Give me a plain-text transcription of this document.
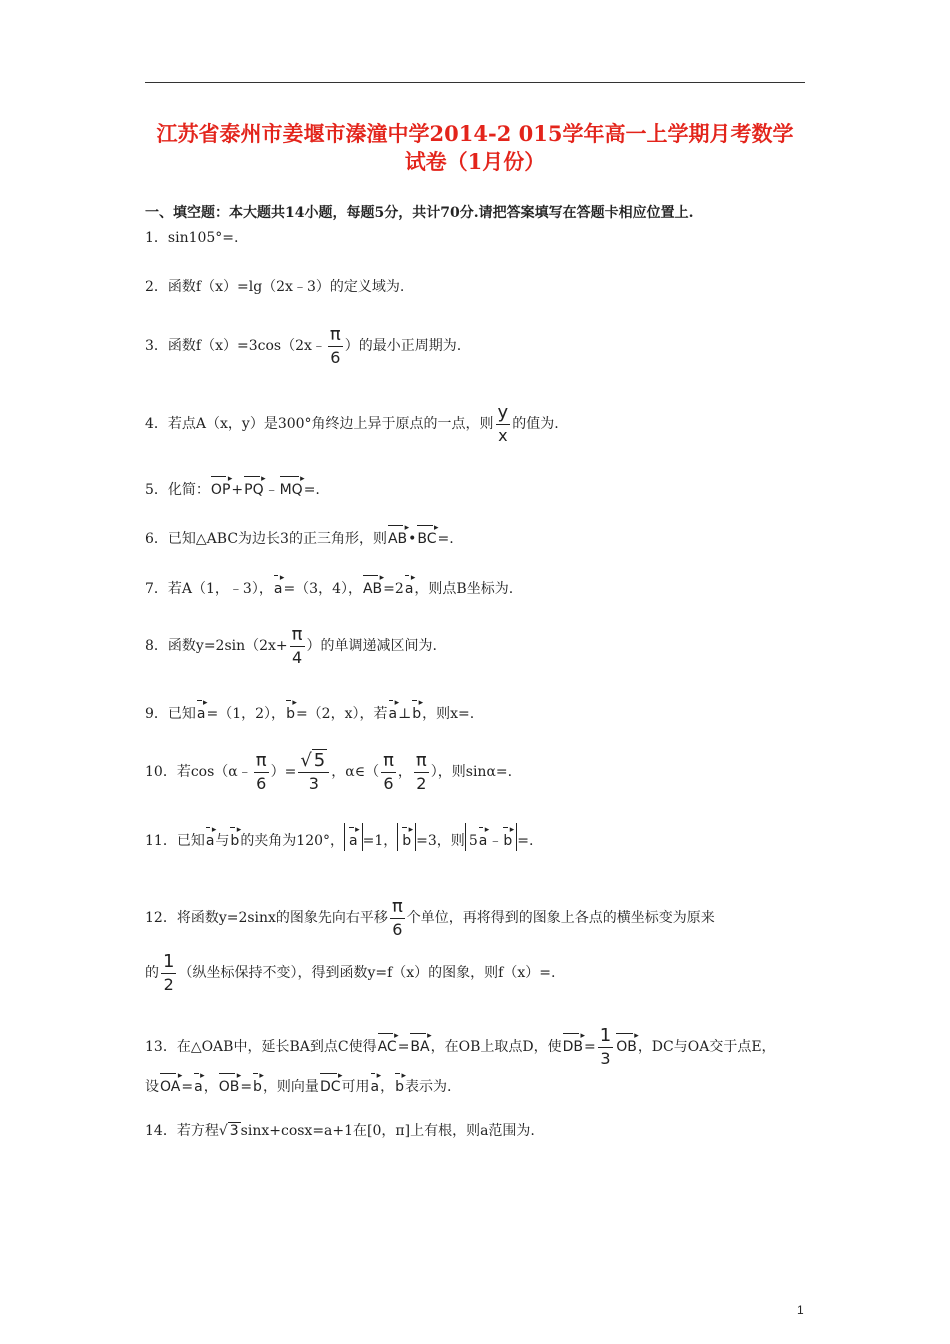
江苏省泰州市姜堰市溱潼中学2014-2 015学年高一上学期月考数学
试卷（1月份）
一、填空题：本大题共14小题，每题5分，共计70分.请把答案填写在答题卡相应位置上.
1．sin105°=.
2．函数f（x）=lg（2x﹣3）的定义域为.
3．函数f（x）=3cos（2x﹣ $\frac{\pi}{6}$ ）的最小正周期为.
4．若点A（x，y）是300°角终边上异于原点的一点，则 $\frac{y}{x}$ 的值为.
5．化简：OP ▸+PQ ▸﹣MQ ▸=.
6．已知△ABC为边长3的正三角形，则AB ▸•BC ▸=.
7．若A（1，﹣3），a ▸=（3，4），AB ▸=2a ▸，则点B坐标为.
8．函数$y=2\sin(2x+ \frac{\pi}{4}$ ）的单调递减区间为.
9．已知a ▸=（1，2），b ▸=（2，x），若a ▸⊥b ▸，则x=.
10．若cos（α﹣ $\frac{\pi}{6}$ ）= $\frac{√ 5}{3}$ ，α∈（ $\frac{\pi}{6}$ ， $\frac{\pi}{2}$ ），则sinα=.
11．已知a ▸与b ▸的夹角为120°， a ▸ =1， b ▸ =3，则 5a ▸﹣b ▸ =.
12．将函数y=2sinx的图象先向右平移 $\frac{\pi}{6}$ 个单位，再将得到的图象上各点的横坐标变为原来
的 $\frac{1}{2}$ （纵坐标保持不变），得到函数y=f（x）的图象，则f（x）=.
13．在△OAB中，延长BA到点C使得AC ▸=BA ▸，在OB上取点D，使DB ▸= $\frac{1}{3}$ OB ▸，DC与OA交于点E，
设OA ▸=a ▸，OB ▸=b ▸，则向量DC ▸可用a ▸，b ▸表示为.
14．若方程√ 3 sinx+cosx=a+1在[0，π]上有根，则a范围为.
1
